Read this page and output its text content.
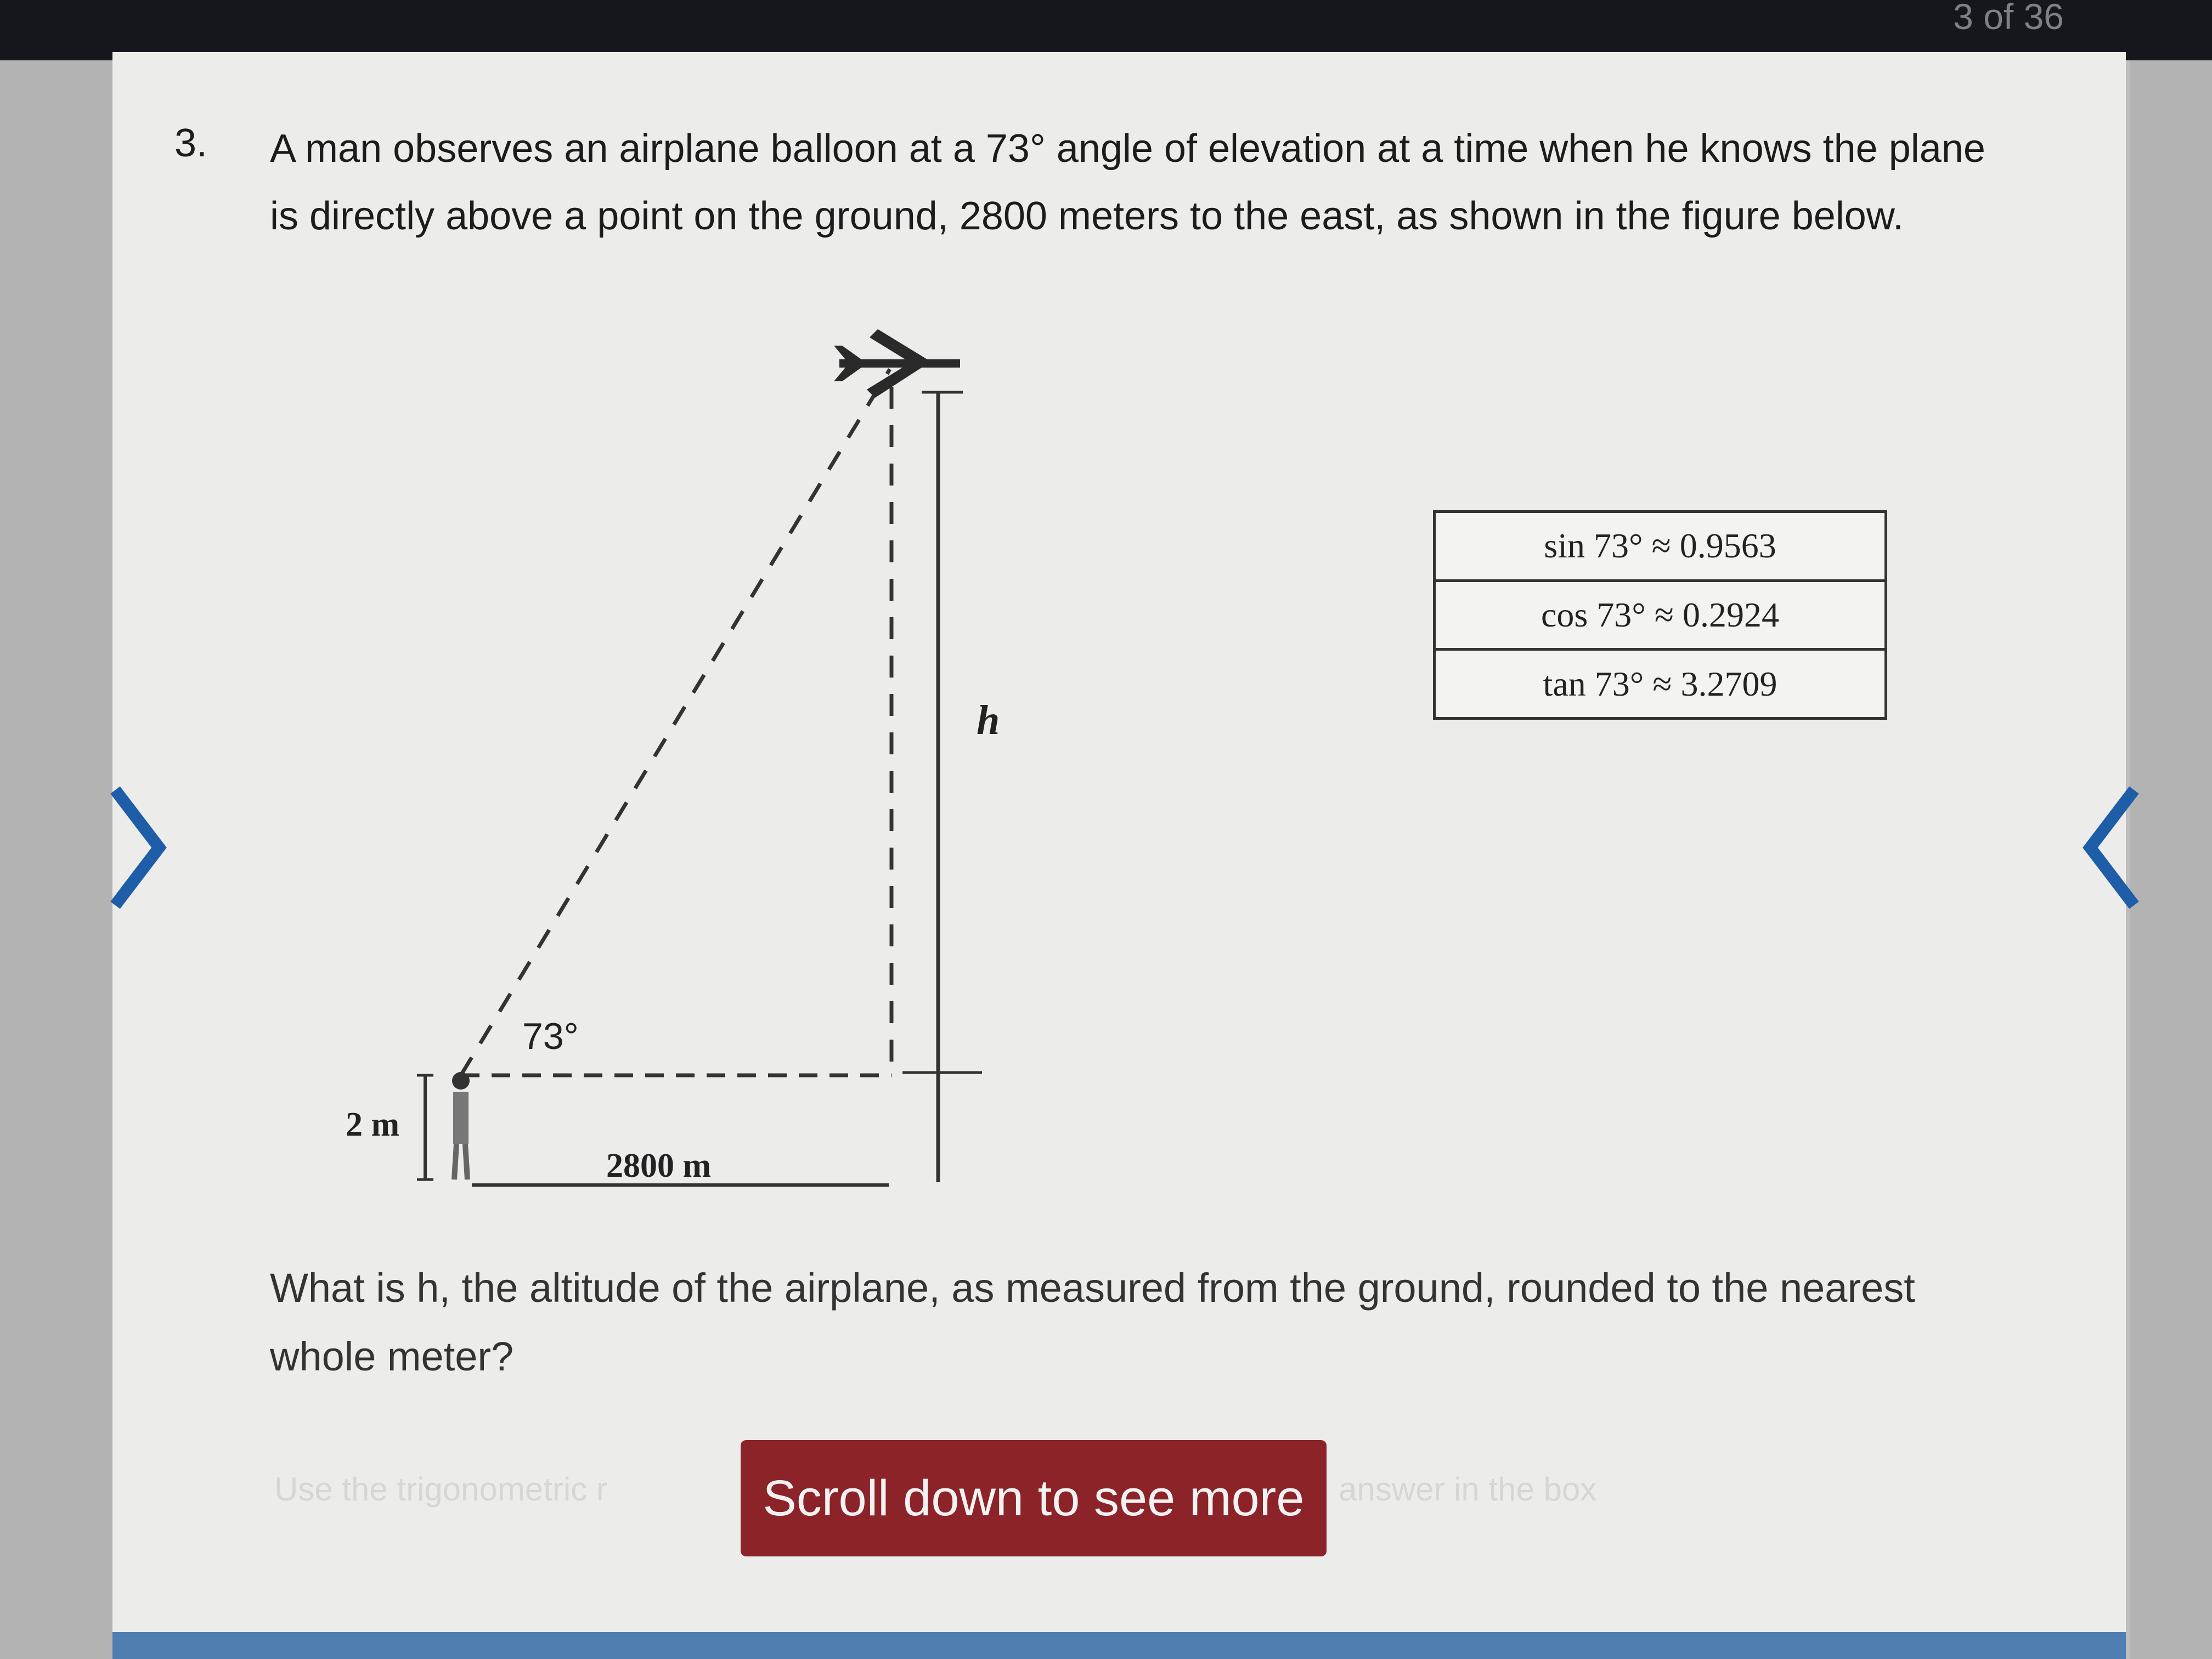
3 of 36
3. A man observes an airplane balloon at a 73° angle of elevation at a time when he knows the plane is directly above a point on the ground, 2800 meters to the east, as shown in the figure below.
h
73°
2 m
2800 m
sin 73° ≈ 0.9563
cos 73° ≈ 0.2924
tan 73° ≈ 3.2709
What is h, the altitude of the airplane, as measured from the ground, rounded to the nearest whole meter?
Use the trigonometric r	answer in the box
Scroll down to see more
